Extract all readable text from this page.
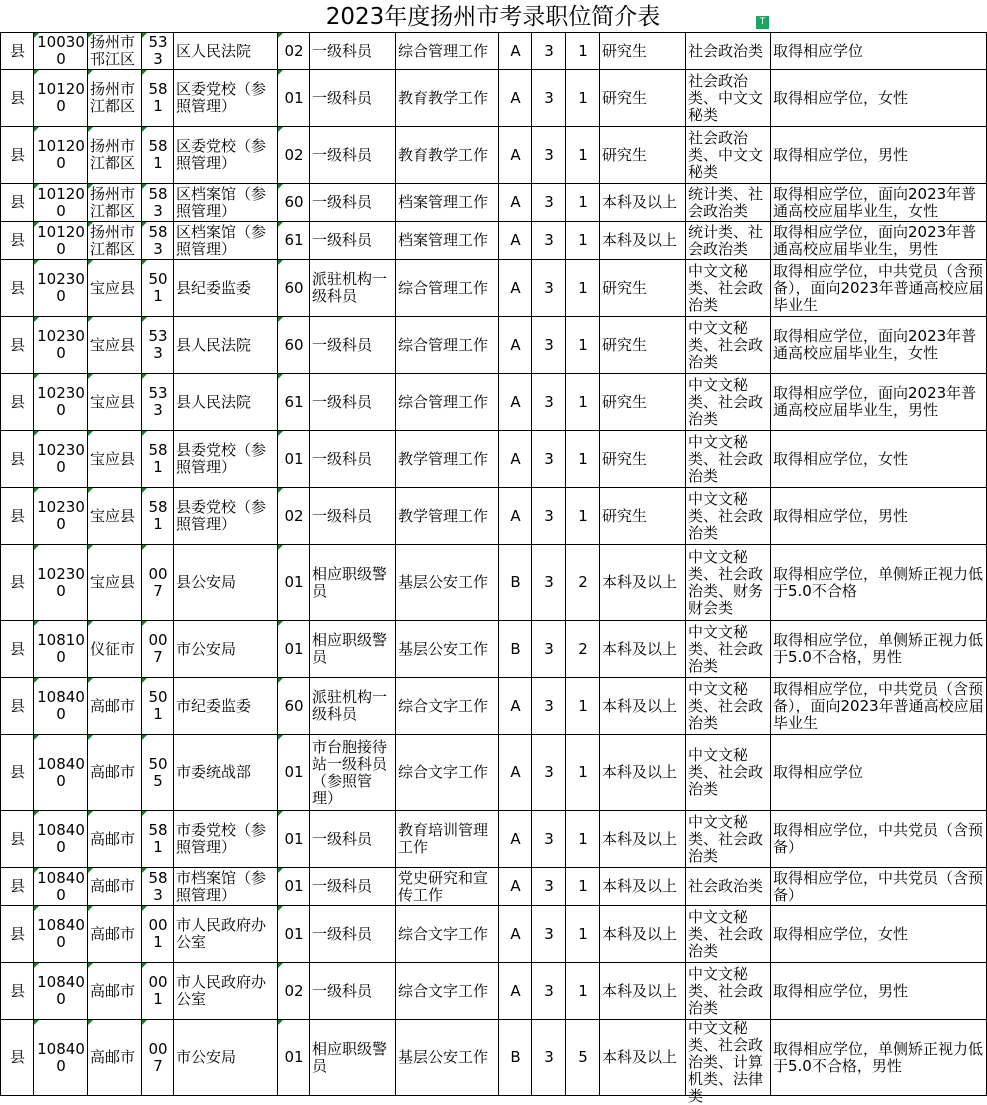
2023年度扬州市考录职位简介表	T
县	100300	扬州市邗江区	533	区人民法院	02	一级科员	综合管理工作	A	3	1	研究生	社会政治类	取得相应学位

县	101200	扬州市江都区	581	区委党校（参照管理）	01	一级科员	教育教学工作	A	3	1	研究生	社会政治类、中文文秘类	取得相应学位，女性

县	101200	扬州市江都区	581	区委党校（参照管理）	02	一级科员	教育教学工作	A	3	1	研究生	社会政治类、中文文秘类	取得相应学位，男性

县	101200	扬州市江都区	583	区档案馆（参照管理）	60	一级科员	档案管理工作	A	3	1	本科及以上	统计类、社会政治类	取得相应学位，面向2023年普通高校应届毕业生，女性

县	101200	扬州市江都区	583	区档案馆（参照管理）	61	一级科员	档案管理工作	A	3	1	本科及以上	统计类、社会政治类	取得相应学位，面向2023年普通高校应届毕业生，男性

县	102300	宝应县	501	县纪委监委	60	派驻机构一级科员	综合管理工作	A	3	1	研究生	中文文秘类、社会政治类	取得相应学位，中共党员（含预备），面向2023年普通高校应届毕业生

县	102300	宝应县	533	县人民法院	60	一级科员	综合管理工作	A	3	1	研究生	中文文秘类、社会政治类	取得相应学位，面向2023年普通高校应届毕业生，女性

县	102300	宝应县	533	县人民法院	61	一级科员	综合管理工作	A	3	1	研究生	中文文秘类、社会政治类	取得相应学位，面向2023年普通高校应届毕业生，男性

县	102300	宝应县	581	县委党校（参照管理）	01	一级科员	教学管理工作	A	3	1	研究生	中文文秘类、社会政治类	取得相应学位，女性

县	102300	宝应县	581	县委党校（参照管理）	02	一级科员	教学管理工作	A	3	1	研究生	中文文秘类、社会政治类	取得相应学位，男性

县	102300	宝应县	007	县公安局	01	相应职级警员	基层公安工作	B	3	2	本科及以上	中文文秘类、社会政治类、财务财会类	取得相应学位，单侧矫正视力低于5.0不合格

县	108100	仪征市	007	市公安局	01	相应职级警员	基层公安工作	B	3	2	本科及以上	中文文秘类、社会政治类	取得相应学位，单侧矫正视力低于5.0不合格，男性

县	108400	高邮市	501	市纪委监委	60	派驻机构一级科员	综合文字工作	A	3	1	本科及以上	中文文秘类、社会政治类	取得相应学位，中共党员（含预备），面向2023年普通高校应届毕业生

县	108400	高邮市	505	市委统战部	01	市台胞接待站一级科员（参照管理）	综合文字工作	A	3	1	本科及以上	中文文秘类、社会政治类	取得相应学位

县	108400	高邮市	581	市委党校（参照管理）	01	一级科员	教育培训管理工作	A	3	1	本科及以上	中文文秘类、社会政治类	取得相应学位，中共党员（含预备）

县	108400	高邮市	583	市档案馆（参照管理）	01	一级科员	党史研究和宣传工作	A	3	1	本科及以上	社会政治类	取得相应学位，中共党员（含预备）

县	108400	高邮市	001	市人民政府办公室	01	一级科员	综合文字工作	A	3	1	本科及以上	中文文秘类、社会政治类	取得相应学位，女性

县	108400	高邮市	001	市人民政府办公室	02	一级科员	综合文字工作	A	3	1	本科及以上	中文文秘类、社会政治类	取得相应学位，男性

县	108400	高邮市	007	市公安局	01	相应职级警员	基层公安工作	B	3	5	本科及以上	中文文秘类、社会政治类、计算机类、法律类	取得相应学位，单侧矫正视力低于5.0不合格，男性
